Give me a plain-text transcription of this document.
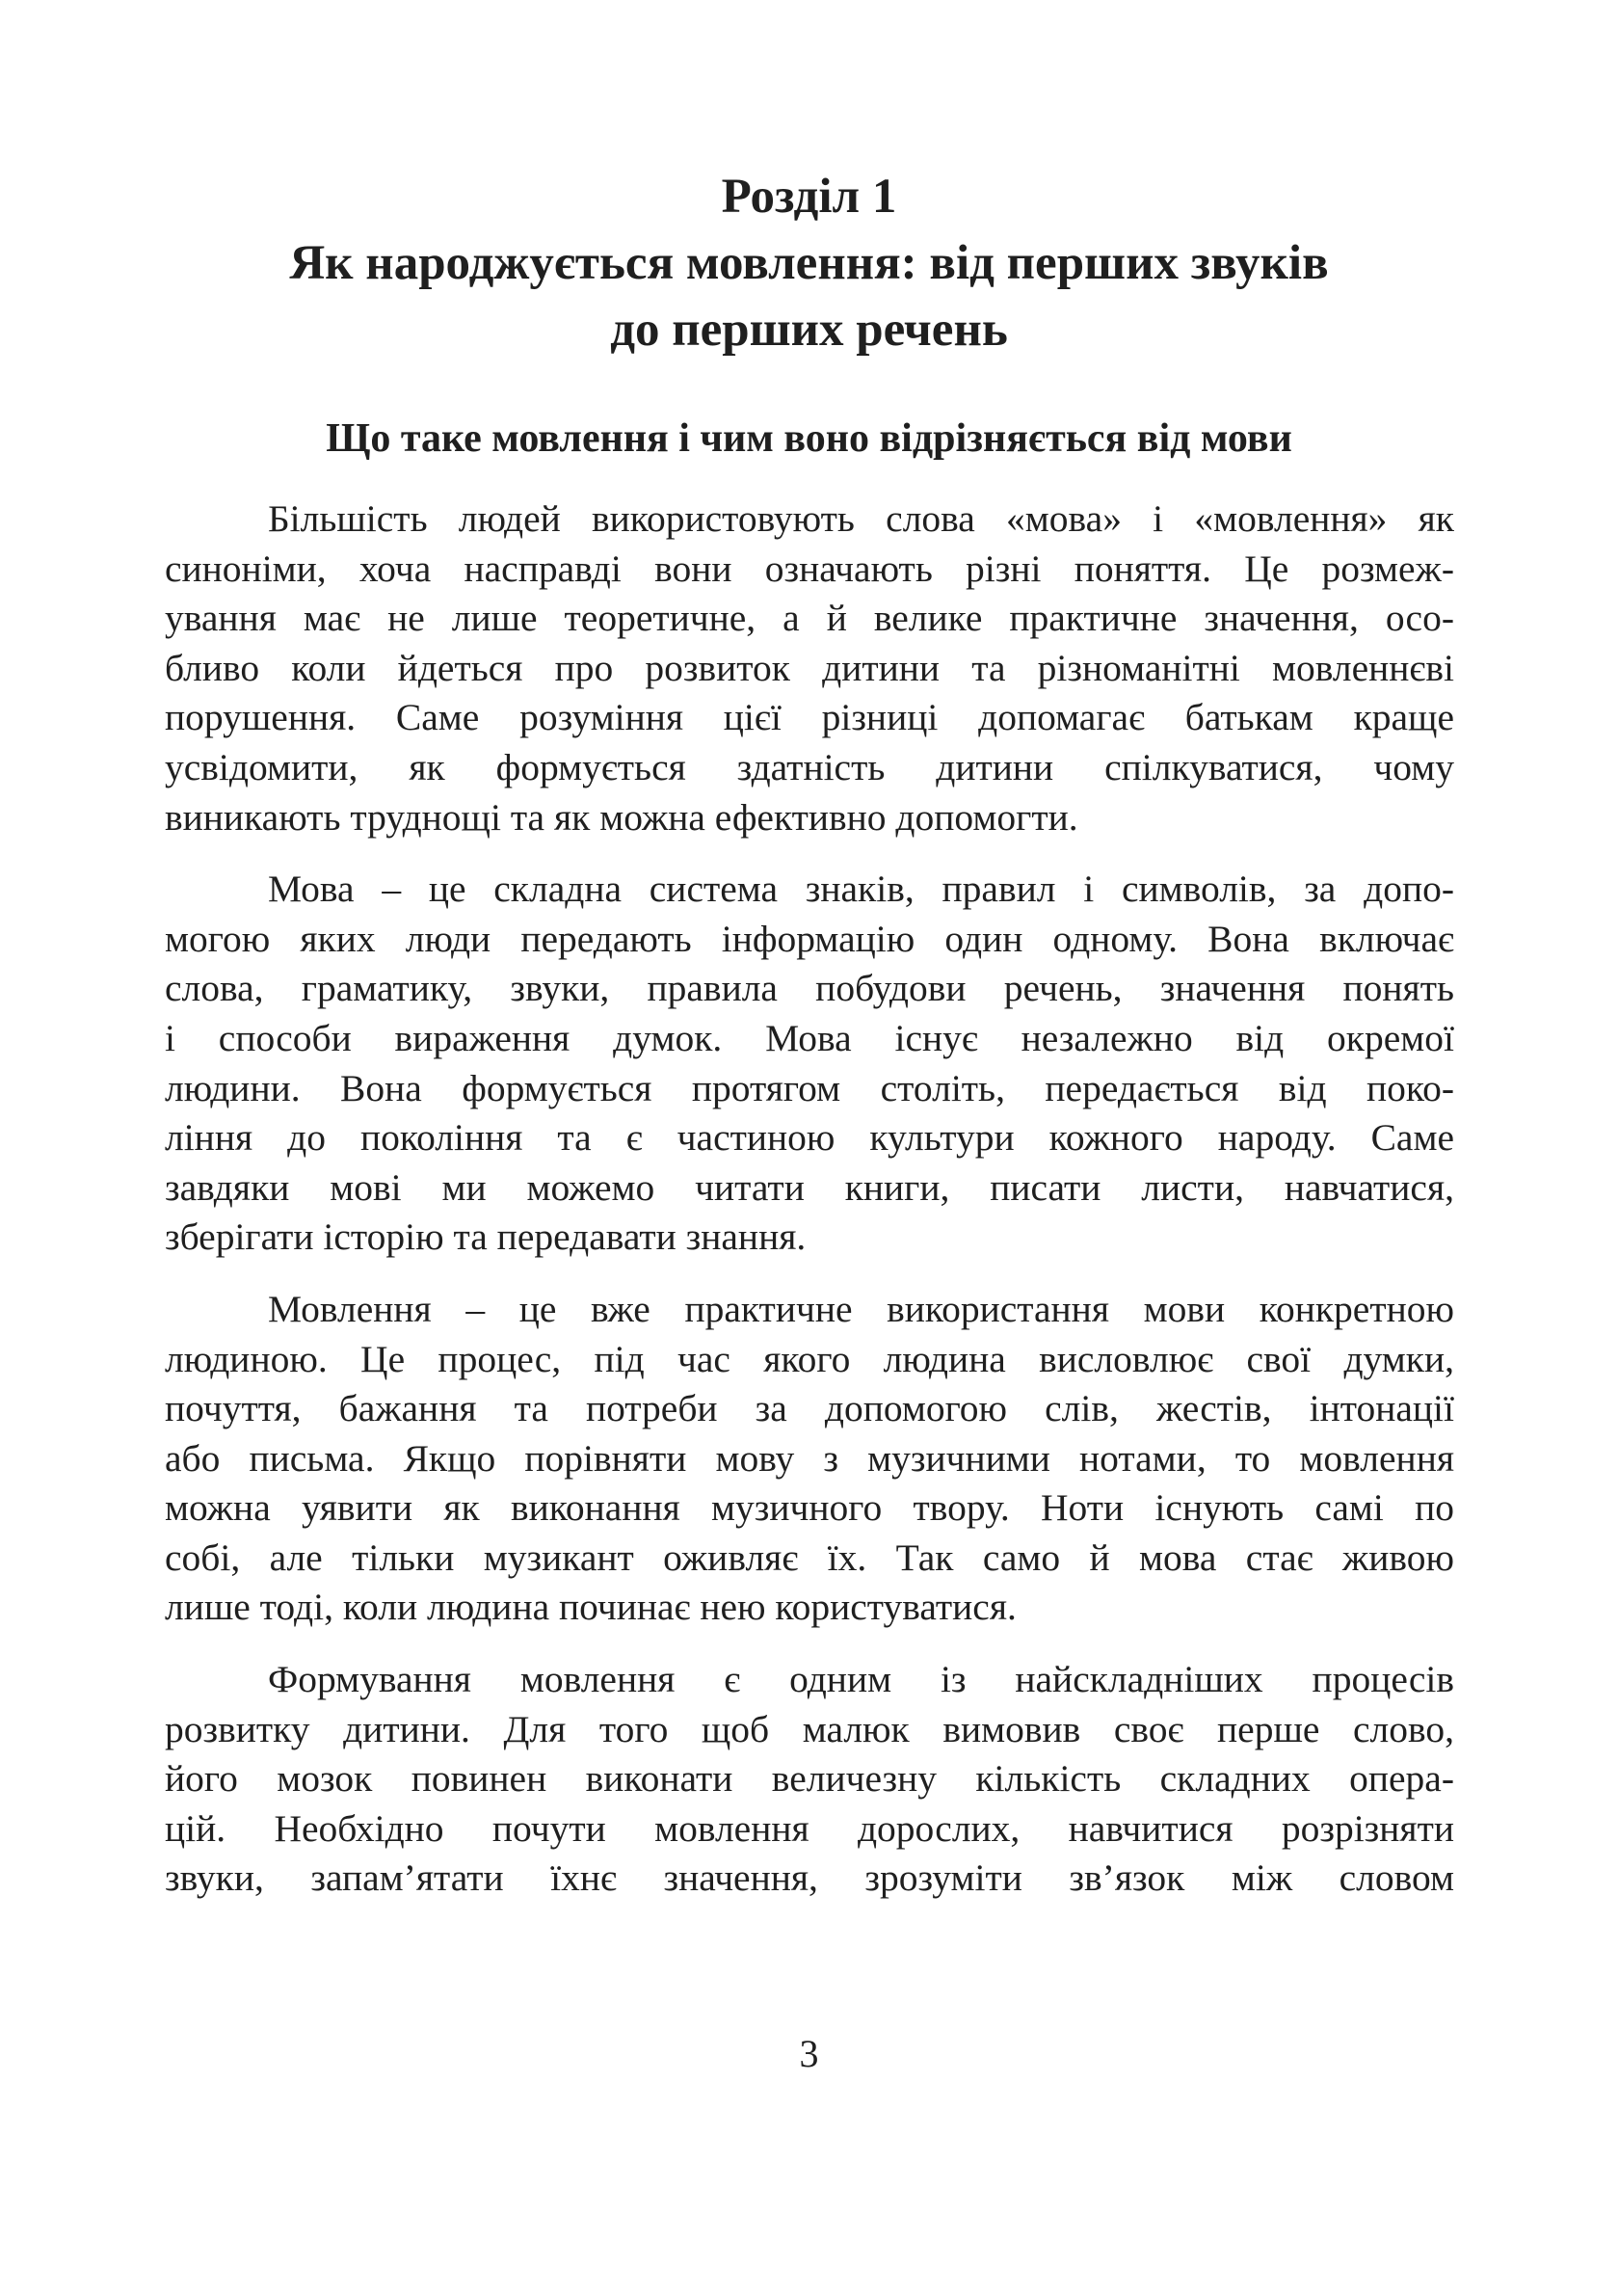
Розділ 1
Як народжується мовлення: від перших звуків
до перших речень
Що таке мовлення і чим воно відрізняється від мови

Більшість людей використовують слова «мова» і «мовлення» як
синоніми, хоча насправді вони означають різні поняття. Це розмеж-
ування має не лише теоретичне, а й велике практичне значення, осо-
бливо коли йдеться про розвиток дитини та різноманітні мовленнєві
порушення. Саме розуміння цієї різниці допомагає батькам краще
усвідомити, як формується здатність дитини спілкуватися, чому
виникають труднощі та як можна ефективно допомогти.

Мова – це складна система знаків, правил і символів, за допо-
могою яких люди передають інформацію один одному. Вона включає
слова, граматику, звуки, правила побудови речень, значення понять
і способи вираження думок. Мова існує незалежно від окремої
людини. Вона формується протягом століть, передається від поко-
ління до покоління та є частиною культури кожного народу. Саме
завдяки мові ми можемо читати книги, писати листи, навчатися,
зберігати історію та передавати знання.

Мовлення – це вже практичне використання мови конкретною
людиною. Це процес, під час якого людина висловлює свої думки,
почуття, бажання та потреби за допомогою слів, жестів, інтонації
або письма. Якщо порівняти мову з музичними нотами, то мовлення
можна уявити як виконання музичного твору. Ноти існують самі по
собі, але тільки музикант оживляє їх. Так само й мова стає живою
лише тоді, коли людина починає нею користуватися.

Формування мовлення є одним із найскладніших процесів
розвитку дитини. Для того щоб малюк вимовив своє перше слово,
його мозок повинен виконати величезну кількість складних опера-
цій. Необхідно почути мовлення дорослих, навчитися розрізняти
звуки, запам’ятати їхнє значення, зрозуміти зв’язок між словом

3
